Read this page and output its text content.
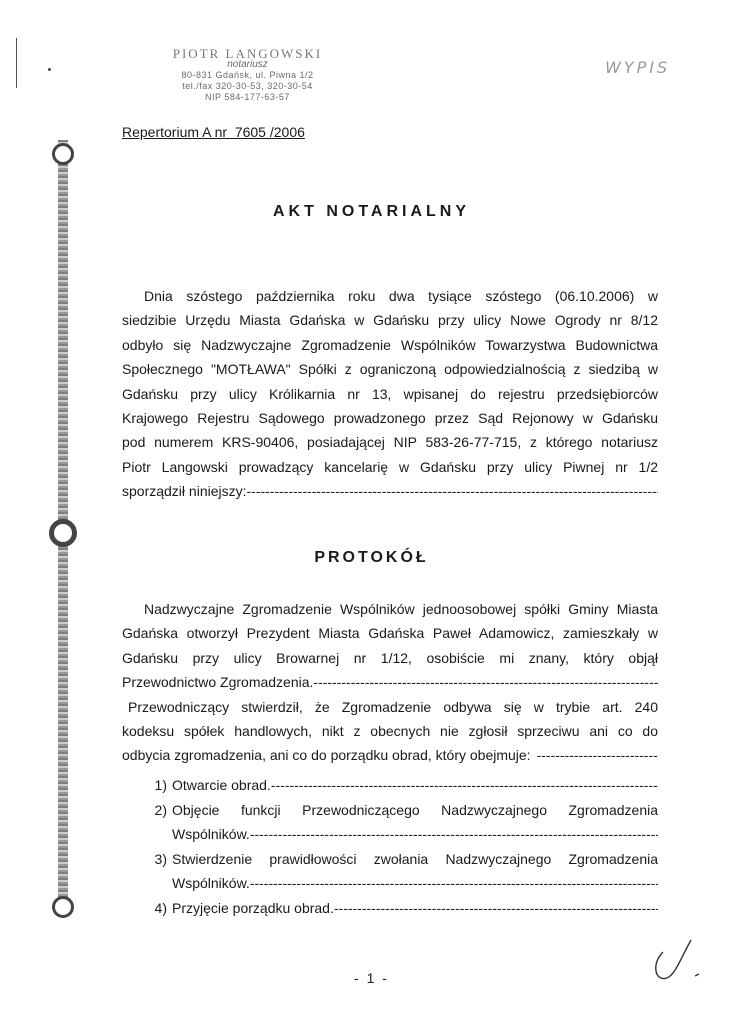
PIOTR LANGOWSKI
notariusz
80-831 Gdańsk, ul. Piwna 1/2
tel./fax 320-30-53, 320-30-54
NIP 584-177-63-57
WYPIS
Repertorium A nr  7605 /2006
AKT NOTARIALNY
Dnia szóstego października roku dwa tysiące szóstego (06.10.2006) w
siedzibie Urzędu Miasta Gdańska w Gdańsku przy ulicy Nowe Ogrody nr 8/12
odbyło się Nadzwyczajne Zgromadzenie Wspólników Towarzystwa Budownictwa
Społecznego "MOTŁAWA" Spółki z ograniczoną odpowiedzialnością z siedzibą w
Gdańsku przy ulicy Królikarnia nr 13, wpisanej do rejestru przedsiębiorców
Krajowego Rejestru Sądowego prowadzonego przez Sąd Rejonowy w Gdańsku
pod numerem KRS-90406, posiadającej NIP 583-26-77-715, z którego notariusz
Piotr Langowski prowadzący kancelarię w Gdańsku przy ulicy Piwnej nr 1/2
sporządził niniejszy:
-----
PROTOKÓŁ
Nadzwyczajne Zgromadzenie Wspólników jednoosobowej spółki Gminy Miasta
Gdańska otworzył Prezydent Miasta Gdańska Paweł Adamowicz, zamieszkały w
Gdańsku przy ulicy Browarnej nr 1/12, osobiście mi znany, który objął
Przewodnictwo Zgromadzenia.
-----
Przewodniczący stwierdził, że Zgromadzenie odbywa się w trybie art. 240
kodeksu spółek handlowych, nikt z obecnych nie zgłosił sprzeciwu ani co do
odbycia zgromadzenia, ani co do porządku obrad, który obejmuje:
-----
1) Otwarcie obrad.
-----
2) Objęcie funkcji Przewodniczącego Nadzwyczajnego Zgromadzenia
Wspólników.
-----
3) Stwierdzenie prawidłowości zwołania Nadzwyczajnego Zgromadzenia
Wspólników.
-----
4) Przyjęcie porządku obrad.
-----
- 1 -
